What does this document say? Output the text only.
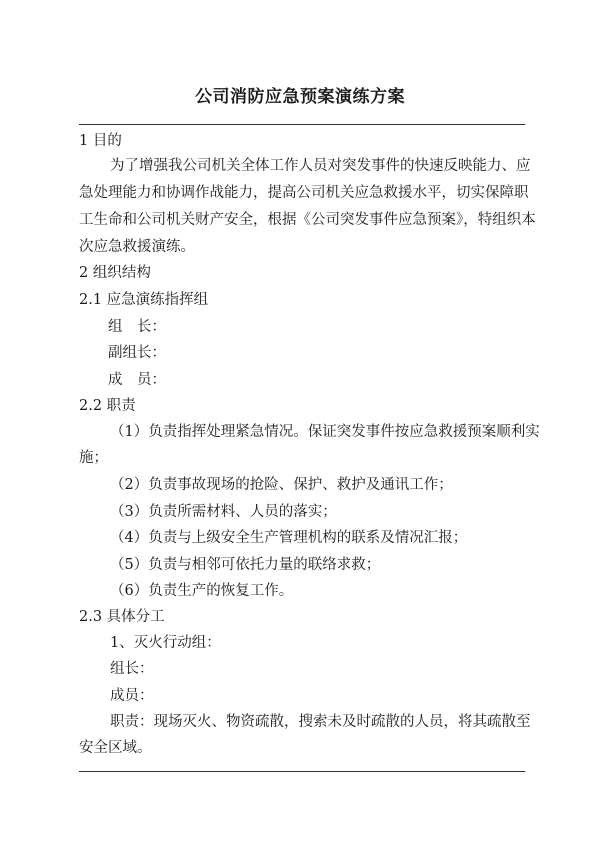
公司消防应急预案演练方案
1 目的
为了增强我公司机关全体工作人员对突发事件的快速反映能力、应
急处理能力和协调作战能力，提高公司机关应急救援水平，切实保障职
工生命和公司机关财产安全，根据《公司突发事件应急预案》，特组织本
次应急救援演练。
2 组织结构
2.1 应急演练指挥组
组　长：
副组长：
成　员：
2.2 职责
（1）负责指挥处理紧急情况。保证突发事件按应急救援预案顺利实
施；
（2）负责事故现场的抢险、保护、救护及通讯工作；
（3）负责所需材料、人员的落实；
（4）负责与上级安全生产管理机构的联系及情况汇报；
（5）负责与相邻可依托力量的联络求救；
（6）负责生产的恢复工作。
2.3 具体分工
1、灭火行动组：
组长：
成员：
职责：现场灭火、物资疏散，搜索未及时疏散的人员，将其疏散至
安全区域。
